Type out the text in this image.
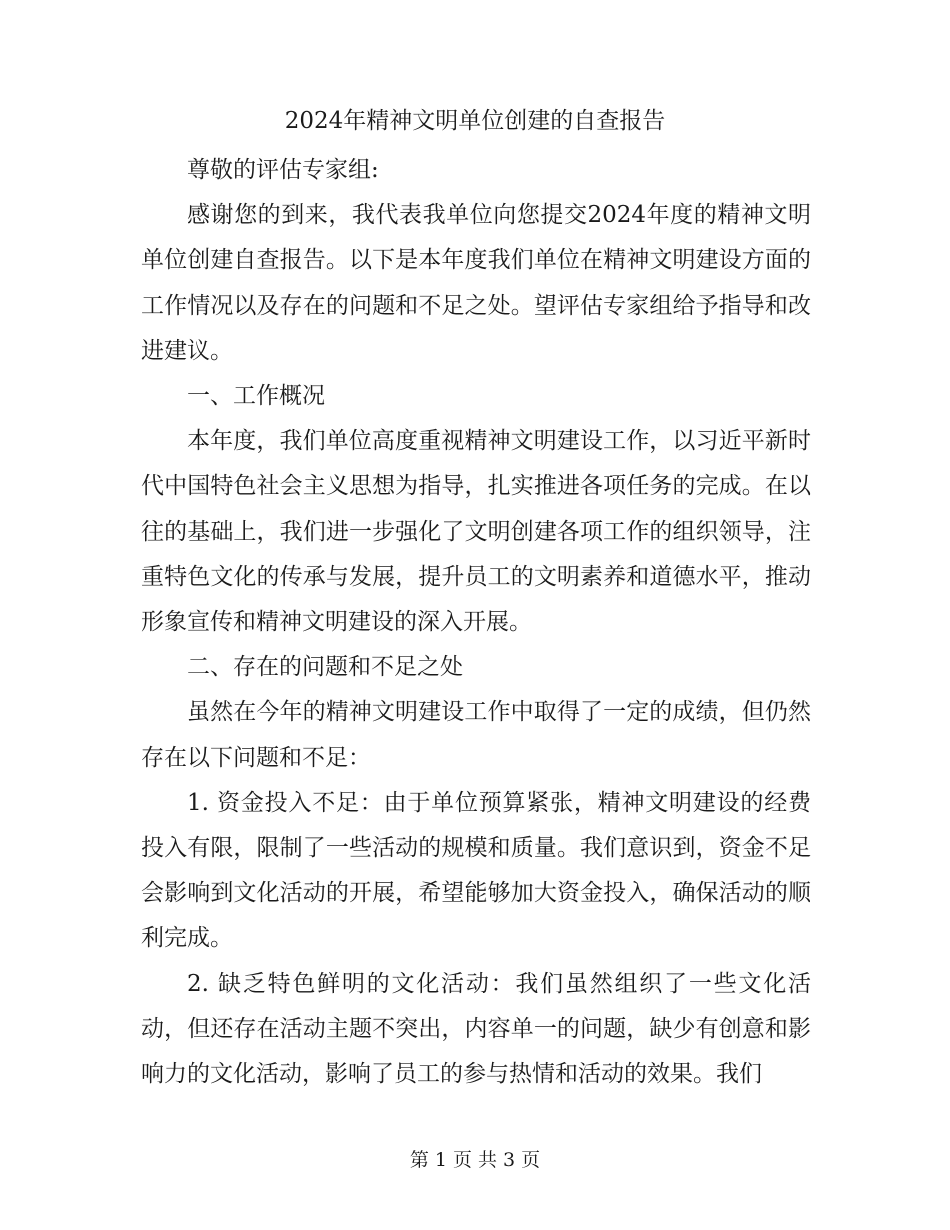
2024年精神文明单位创建的自查报告

尊敬的评估专家组:

感谢您的到来，我代表我单位向您提交2024年度的精神文明单位创建自查报告。以下是本年度我们单位在精神文明建设方面的工作情况以及存在的问题和不足之处。望评估专家组给予指导和改进建议。

一、工作概况

本年度，我们单位高度重视精神文明建设工作，以习近平新时代中国特色社会主义思想为指导，扎实推进各项任务的完成。在以往的基础上，我们进一步强化了文明创建各项工作的组织领导，注重特色文化的传承与发展，提升员工的文明素养和道德水平，推动形象宣传和精神文明建设的深入开展。

二、存在的问题和不足之处

虽然在今年的精神文明建设工作中取得了一定的成绩，但仍然存在以下问题和不足：

1. 资金投入不足：由于单位预算紧张，精神文明建设的经费投入有限，限制了一些活动的规模和质量。我们意识到，资金不足会影响到文化活动的开展，希望能够加大资金投入，确保活动的顺利完成。

2. 缺乏特色鲜明的文化活动：我们虽然组织了一些文化活动，但还存在活动主题不突出，内容单一的问题，缺少有创意和影响力的文化活动，影响了员工的参与热情和活动的效果。我们

第 1 页 共 3 页
